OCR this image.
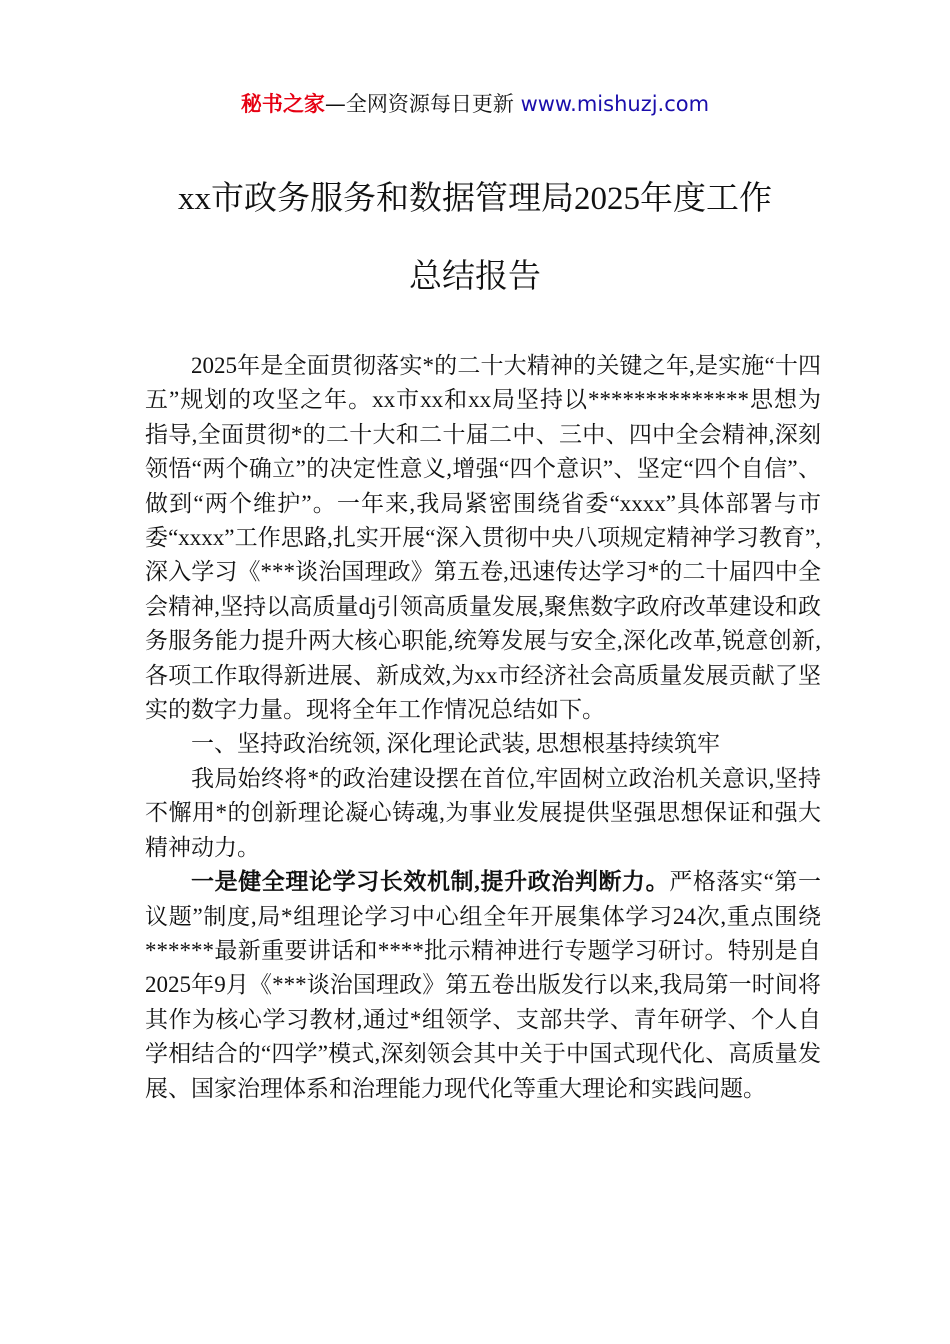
秘书之家—全网资源每日更新 www.mishuzj.com
xx市政务服务和数据管理局2025年度工作
总结报告

2025年是全面贯彻落实*的二十大精神的关键之年,是实施“十四五”规划的攻坚之年。xx市xx和xx局坚持以**************思想为指导,全面贯彻*的二十大和二十届二中、三中、四中全会精神,深刻领悟“两个确立”的决定性意义,增强“四个意识”、坚定“四个自信”、做到“两个维护”。一年来,我局紧密围绕省委“xxxx”具体部署与市委“xxxx”工作思路,扎实开展“深入贯彻中央八项规定精神学习教育”,深入学习《***谈治国理政》第五卷,迅速传达学习*的二十届四中全会精神,坚持以高质量dj引领高质量发展,聚焦数字政府改革建设和政务服务能力提升两大核心职能,统筹发展与安全,深化改革,锐意创新,各项工作取得新进展、新成效,为xx市经济社会高质量发展贡献了坚实的数字力量。现将全年工作情况总结如下。

一、坚持政治统领, 深化理论武装, 思想根基持续筑牢

我局始终将*的政治建设摆在首位,牢固树立政治机关意识,坚持不懈用*的创新理论凝心铸魂,为事业发展提供坚强思想保证和强大精神动力。

一是健全理论学习长效机制,提升政治判断力。严格落实“第一议题”制度,局*组理论学习中心组全年开展集体学习24次,重点围绕******最新重要讲话和****批示精神进行专题学习研讨。特别是自2025年9月《***谈治国理政》第五卷出版发行以来,我局第一时间将其作为核心学习教材,通过*组领学、支部共学、青年研学、个人自学相结合的“四学”模式,深刻领会其中关于中国式现代化、高质量发展、国家治理体系和治理能力现代化等重大理论和实践问题。
